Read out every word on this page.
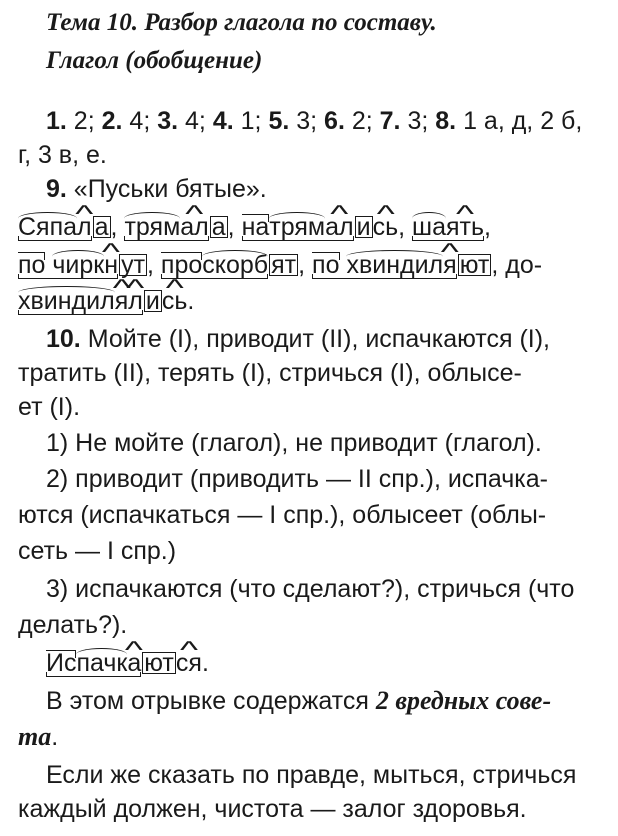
Тема 10. Разбор глагола по составу.
Глагол (обобщение)
1. 2; 2. 4; 3. 4; 4. 1; 5. 3; 6. 2; 7. 3; 8. 1 а, д, 2 б,
г, 3 в, е.
9. «Пуськи бятые».
Сяпа^ л а, трям^ ал а, натрям^ ал и^ сь, ша^ ять,
по чирк^ н ут, проскорб ят, по хвиндил^ я ют, до-
хвиндил^ я^ л и^ сь.
10. Мойте (I), приводит (II), испачкаются (I),
тратить (II), терять (I), стричься (I), облысе-
ет (I).
1) Не мойте (глагол), не приводит (глагол).
2) приводит (приводить — II спр.), испачка-
ются (испачкаться — I спр.), облысеет (облы-
сеть — I спр.)
3) испачкаются (что сделают?), стричься (что
делать?).
Испачк^ а ют^ ся.
В этом отрывке содержатся 2 вредных сове-
та.
Если же сказать по правде, мыться, стричься
каждый должен, чистота — залог здоровья.
